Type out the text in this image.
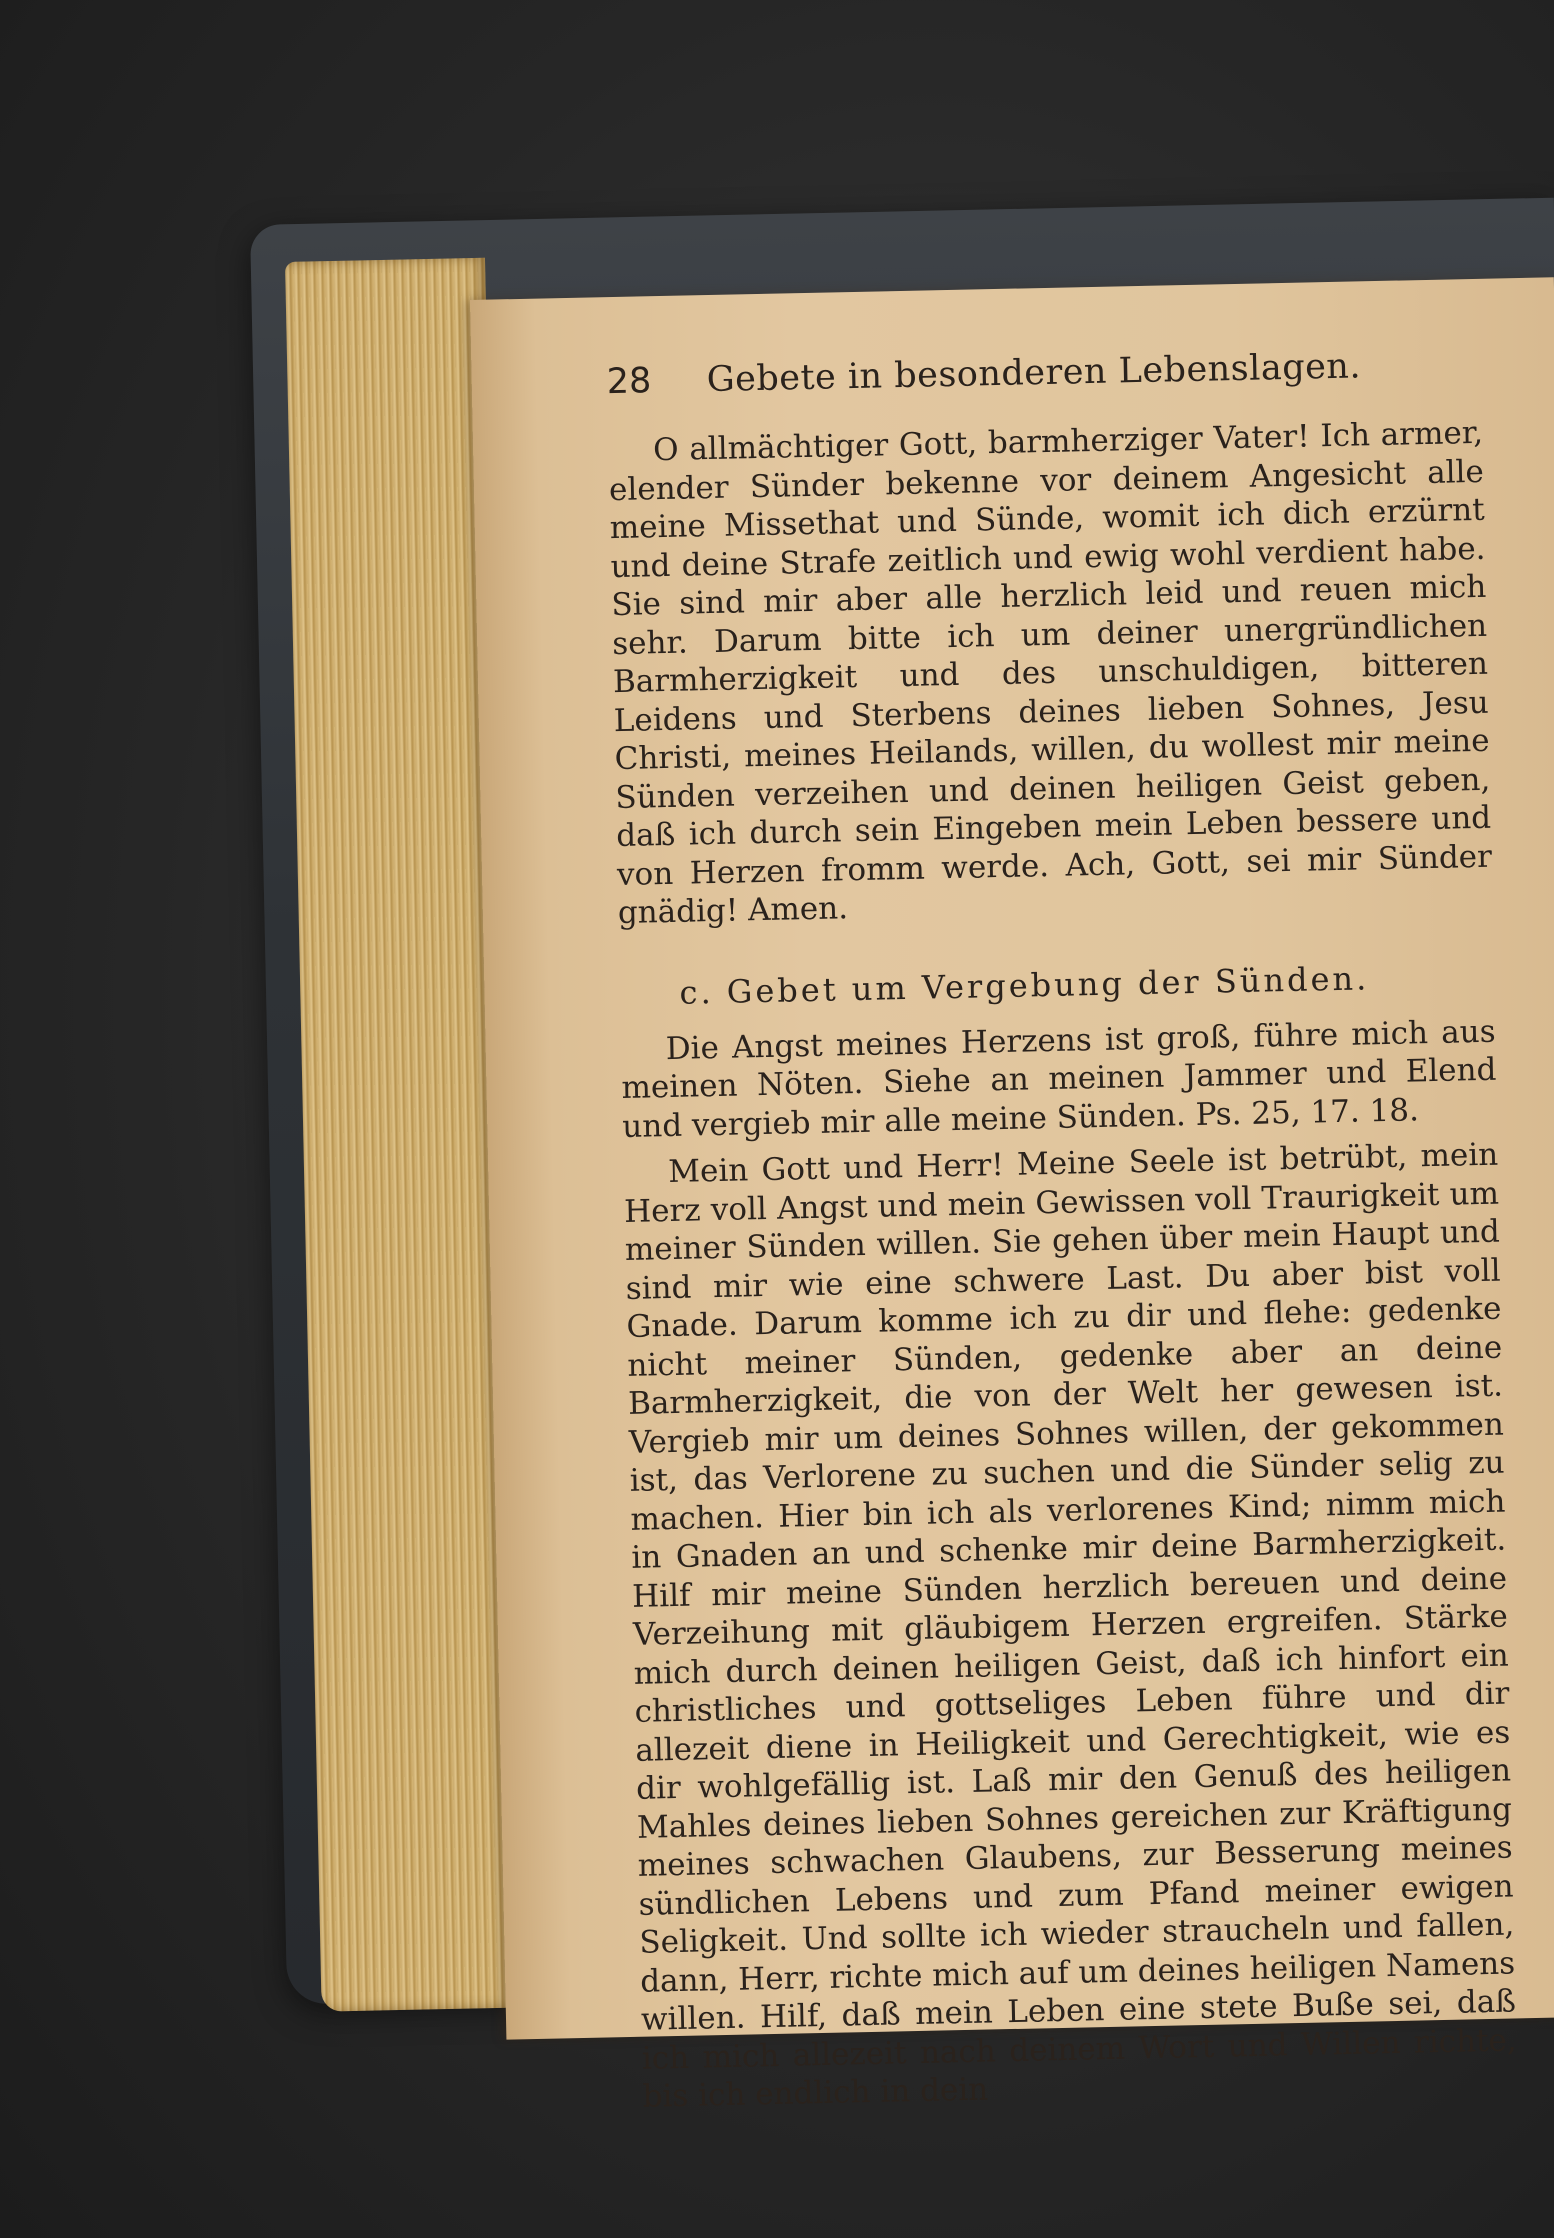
28	Gebete in besonderen Lebenslagen.

O allmächtiger Gott, barmherziger Vater! Ich armer, elender Sünder bekenne vor deinem Angesicht alle meine Missethat und Sünde, womit ich dich erzürnt und deine Strafe zeitlich und ewig wohl verdient habe. Sie sind mir aber alle herzlich leid und reuen mich sehr. Darum bitte ich um deiner unergründlichen Barmherzigkeit und des unschuldigen, bitteren Leidens und Sterbens deines lieben Sohnes, Jesu Christi, meines Heilands, willen, du wollest mir meine Sünden verzeihen und deinen heiligen Geist geben, daß ich durch sein Eingeben mein Leben bessere und von Herzen fromm werde. Ach, Gott, sei mir Sünder gnädig! Amen.

c. Gebet um Vergebung der Sünden.

Die Angst meines Herzens ist groß, führe mich aus meinen Nöten. Siehe an meinen Jammer und Elend und vergieb mir alle meine Sünden. Ps. 25, 17. 18.

Mein Gott und Herr! Meine Seele ist betrübt, mein Herz voll Angst und mein Gewissen voll Traurigkeit um meiner Sünden willen. Sie gehen über mein Haupt und sind mir wie eine schwere Last. Du aber bist voll Gnade. Darum komme ich zu dir und flehe: gedenke nicht meiner Sünden, gedenke aber an deine Barmherzigkeit, die von der Welt her gewesen ist. Vergieb mir um deines Sohnes willen, der gekommen ist, das Verlorene zu suchen und die Sünder selig zu machen. Hier bin ich als verlorenes Kind; nimm mich in Gnaden an und schenke mir deine Barmherzigkeit. Hilf mir meine Sünden herzlich bereuen und deine Verzeihung mit gläubigem Herzen ergreifen. Stärke mich durch deinen heiligen Geist, daß ich hinfort ein christliches und gottseliges Leben führe und dir allezeit diene in Heiligkeit und Gerechtigkeit, wie es dir wohlgefällig ist. Laß mir den Genuß des heiligen Mahles deines lieben Sohnes gereichen zur Kräftigung meines schwachen Glaubens, zur Besserung meines sündlichen Lebens und zum Pfand meiner ewigen Seligkeit. Und sollte ich wieder straucheln und fallen, dann, Herr, richte mich auf um deines heiligen Namens willen. Hilf, daß mein Leben eine stete Buße sei, daß ich mich allezeit nach deinem Wort und Willen richte, bis ich endlich in dein
